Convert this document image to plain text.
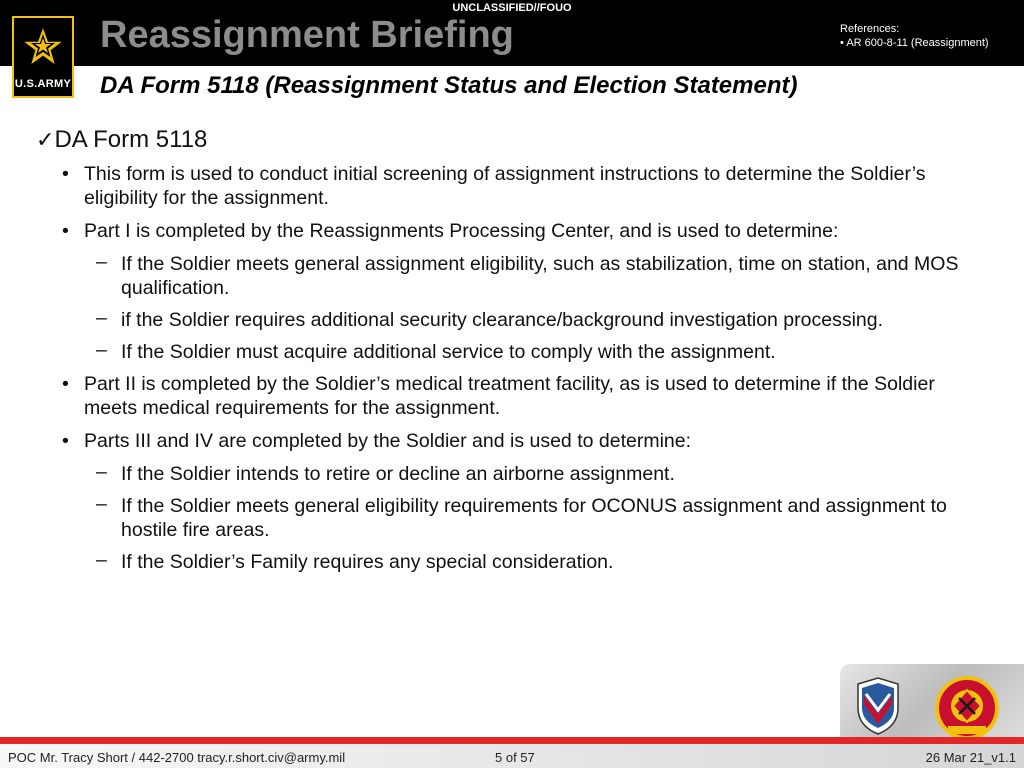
UNCLASSIFIED//FOUO
U.S.ARMY
Reassignment Briefing	References:
• AR 600-8-11 (Reassignment)
DA Form 5118 (Reassignment Status and Election Statement)
✓DA Form 5118
• This form is used to conduct initial screening of assignment instructions to determine the Soldier’s eligibility for the assignment.
• Part I is completed by the Reassignments Processing Center, and is used to determine:
– If the Soldier meets general assignment eligibility, such as stabilization, time on station, and MOS qualification.
– if the Soldier requires additional security clearance/background investigation processing.
– If the Soldier must acquire additional service to comply with the assignment.
• Part II is completed by the Soldier’s medical treatment facility, as is used to determine if the Soldier meets medical requirements for the assignment.
• Parts III and IV are completed by the Soldier and is used to determine:
– If the Soldier intends to retire or decline an airborne assignment.
– If the Soldier meets general eligibility requirements for OCONUS assignment and assignment to hostile fire areas.
– If the Soldier’s Family requires any special consideration.
POC Mr. Tracy Short / 442-2700 tracy.r.short.civ@army.mil	5 of 57	26 Mar 21_v1.1
